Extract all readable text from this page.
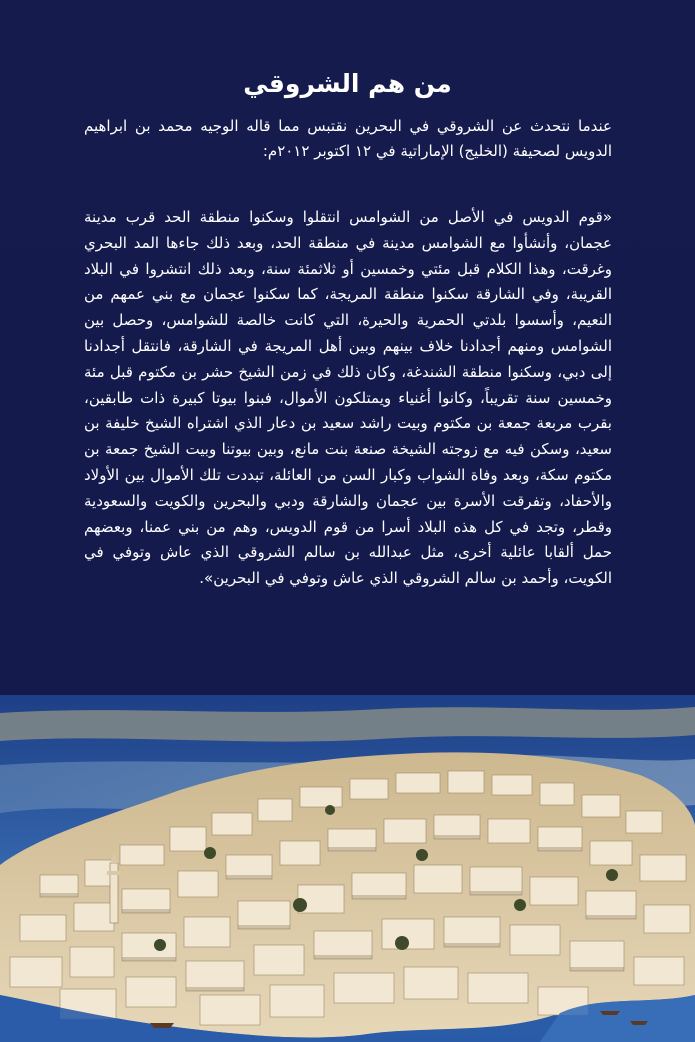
من هم الشروقي

عندما نتحدث عن الشروقي في البحرين نقتبس مما قاله الوجيه محمد بن ابراهيم الدويس لصحيفة (الخليج) الإماراتية في ١٢ اكتوبر ٢٠١٢م:

«قوم الدويس في الأصل من الشوامس انتقلوا وسكنوا منطقة الحد قرب مدينة عجمان، وأنشأوا مع الشوامس مدينة في منطقة الحد، وبعد ذلك جاءها المد البحري وغرقت، وهذا الكلام قبل مئتي وخمسين أو ثلاثمئة سنة، وبعد ذلك انتشروا في البلاد القريبة، وفي الشارقة سكنوا منطقة المريجة، كما سكنوا عجمان مع بني عمهم من النعيم، وأسسوا بلدتي الحمرية والحيرة، التي كانت خالصة للشوامس، وحصل بين الشوامس ومنهم أجدادنا خلاف بينهم وبين أهل المريجة في الشارقة، فانتقل أجدادنا إلى دبي، وسكنوا منطقة الشندغة، وكان ذلك في زمن الشيخ حشر بن مكتوم قبل مئة وخمسين سنة تقريباً، وكانوا أغنياء ويمتلكون الأموال، فبنوا بيوتا كبيرة ذات طابقين، بقرب مربعة جمعة بن مكتوم وبيت راشد سعيد بن دعار الذي اشتراه الشيخ خليفة بن سعيد، وسكن فيه مع زوجته الشيخة صنعة بنت مانع، وبين بيوتنا وبيت الشيخ جمعة بن مكتوم سكة، وبعد وفاة الشواب وكبار السن من العائلة، تبددت تلك الأموال بين الأولاد والأحفاد، وتفرقت الأسرة بين عجمان والشارقة ودبي والبحرين والكويت والسعودية وقطر، وتجد في كل هذه البلاد أسرا من قوم الدويس، وهم من بني عمنا، وبعضهم حمل ألقابا عائلية أخرى، مثل عبدالله بن سالم الشروقي الذي عاش وتوفي في الكويت، وأحمد بن سالم الشروقي الذي عاش وتوفي في البحرين».
